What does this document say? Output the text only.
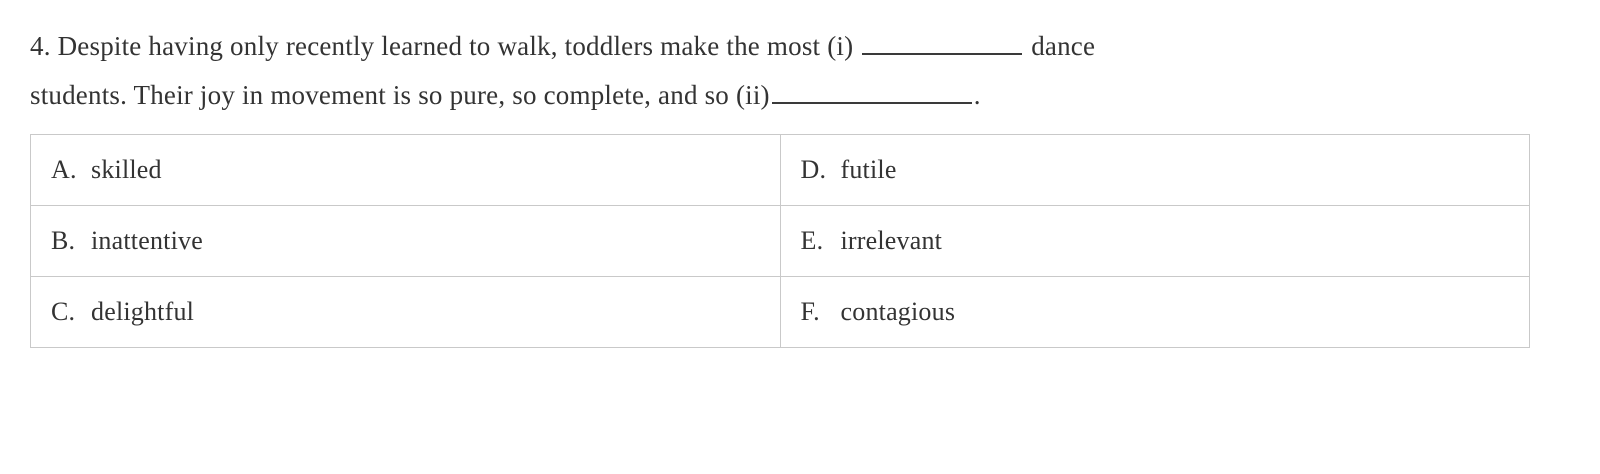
4. Despite having only recently learned to walk, toddlers make the most (i)	dance
students. Their joy in movement is so pure, so complete, and so (ii)	.
A. skilled	D. futile
B. inattentive	E. irrelevant
C. delightful	F. contagious
